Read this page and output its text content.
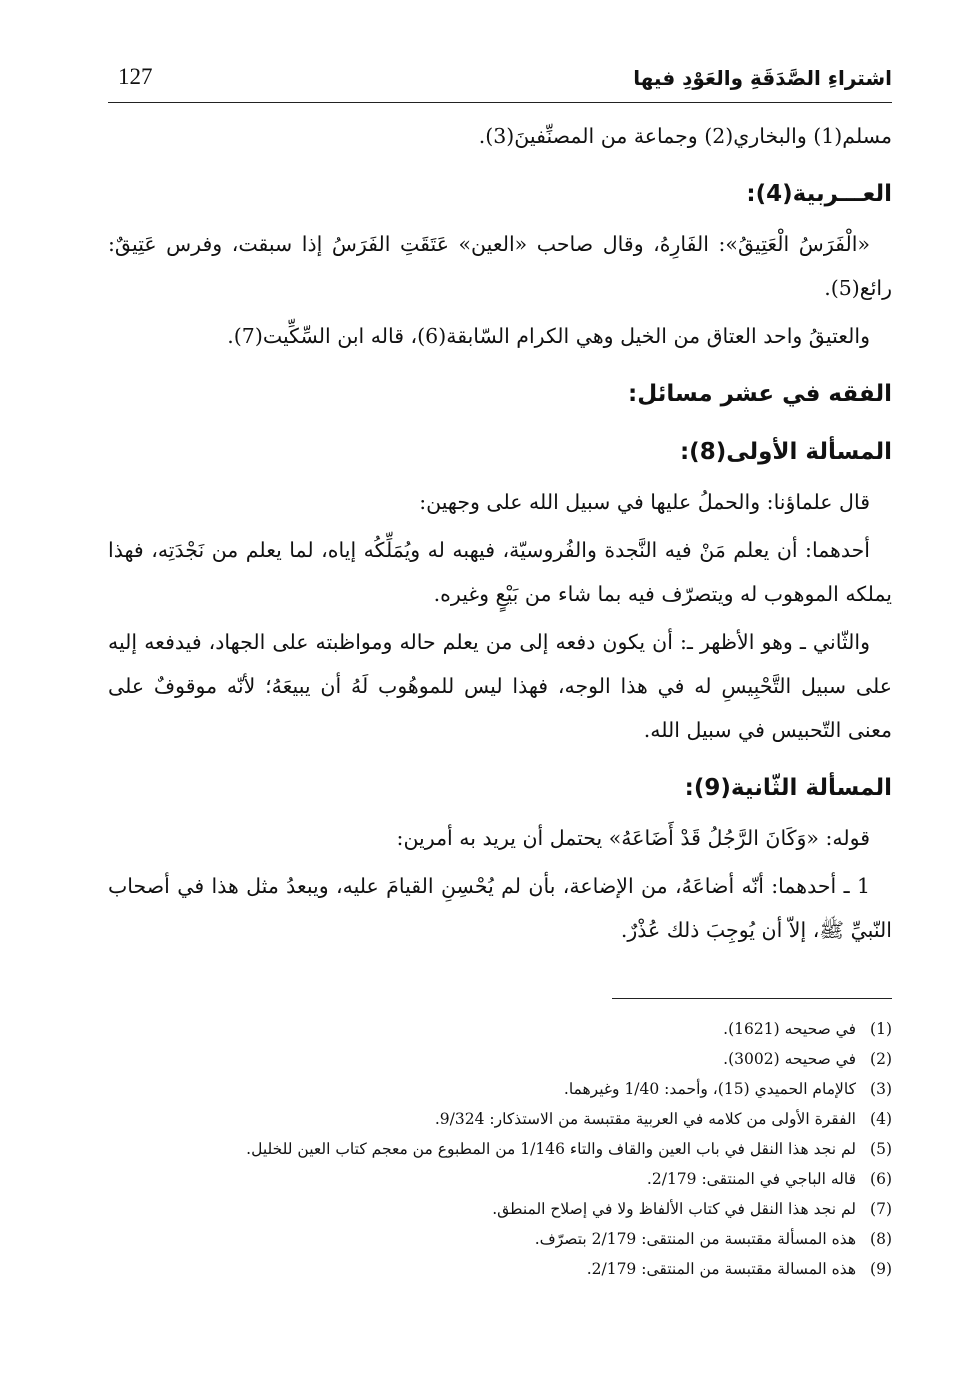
اشتراءِ الصَّدَقَةِ والعَوْدِ فيها
127

مسلم(1) والبخاري(2) وجماعة من المصنِّفينَ(3).

العـــربية(4):

«الْفَرَسُ الْعَتِيقُ»: الفَارِهُ، وقال صاحب «العين» عَتَقَتِ الفَرَسُ إذا سبقت، وفرس عَتِيقٌ: رائع(5).

والعتيقُ واحد العتاق من الخيل وهي الكرام السّابقة(6)، قاله ابن السِّكِّيت(7).

الفقه في عشر مسائل:

المسألة الأولى(8):

قال علماؤنا: والحملُ عليها في سبيل الله على وجهين:

أحدهما: أن يعلم مَنْ فيه النَّجدة والفُروسيّة، فيهبه له ويُمَلِّكُه إياه، لما يعلم من نَجْدَتِه، فهذا يملكه الموهوب له ويتصرّف فيه بما شاء من بَيْعٍ وغيره.

والثّاني ـ وهو الأظهر ـ: أن يكون دفعه إلى من يعلم حاله ومواظبته على الجهاد، فيدفعه إليه على سبيل التَّحْبِيسِ له في هذا الوجه، فهذا ليس للموهُوب لَهُ أن يبيعَهُ؛ لأنّه موقوفٌ على معنى التّحبيس في سبيل الله.

المسألة الثّانية(9):

قوله: «وَكَانَ الرَّجُلُ قَدْ أَضَاعَهُ» يحتمل أن يريد به أمرين:

1 ـ أحدهما: أنّه أضاعَهُ، من الإضاعة، بأن لم يُحْسِنِ القيامَ عليه، ويبعدُ مثل هذا في أصحاب النّبيِّ ﷺ، إلاّ أن يُوجِبَ ذلك عُذْرٌ.

(1)
في صحيحه (1621).
(2)
في صحيحه (3002).
(3)
كالإمام الحميدي (15)، وأحمد: 1/40 وغيرهما.
(4)
الفقرة الأولى من كلامه في العربية مقتبسة من الاستذكار: 9/324.
(5)
لم نجد هذا النقل في باب العين والقاف والتاء 1/146 من المطبوع من معجم كتاب العين للخليل.
(6)
قاله الباجي في المنتقى: 2/179.
(7)
لم نجد هذا النقل في كتاب الألفاظ ولا في إصلاح المنطق.
(8)
هذه المسألة مقتبسة من المنتقى: 2/179 بتصرّف.
(9)
هذه المسالة مقتبسة من المنتقى: 2/179.
